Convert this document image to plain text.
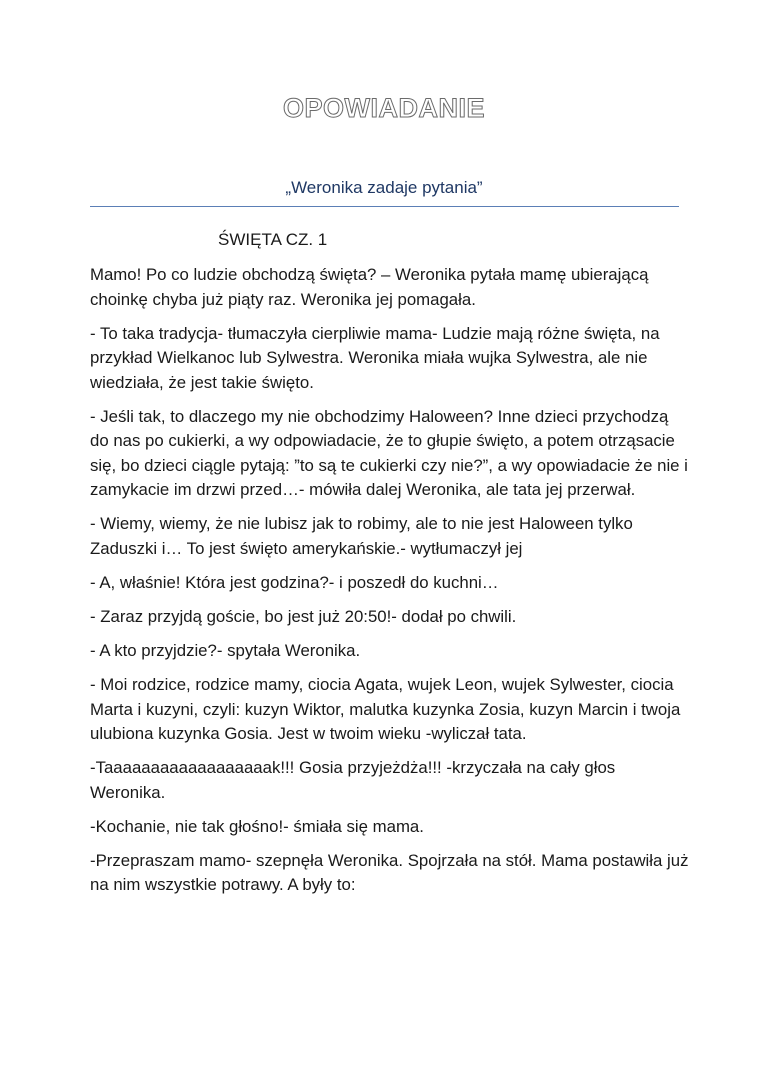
OPOWIADANIE
„Weronika zadaje pytania”
ŚWIĘTA CZ. 1

Mamo! Po co ludzie obchodzą święta? – Weronika pytała mamę ubierającą choinkę chyba już piąty raz. Weronika jej pomagała.

- To taka tradycja- tłumaczyła cierpliwie mama- Ludzie mają różne święta, na przykład Wielkanoc lub Sylwestra. Weronika miała wujka Sylwestra, ale nie wiedziała, że jest takie święto.

- Jeśli tak, to dlaczego my nie obchodzimy Haloween? Inne dzieci przychodzą do nas po cukierki, a wy odpowiadacie, że to głupie święto, a potem otrząsacie się, bo dzieci ciągle pytają: ”to są te cukierki czy nie?”, a wy opowiadacie że nie i zamykacie im drzwi przed…- mówiła dalej Weronika, ale tata jej przerwał.

- Wiemy, wiemy, że nie lubisz jak to robimy, ale to nie jest Haloween tylko Zaduszki i… To jest święto amerykańskie.- wytłumaczył jej

- A, właśnie! Która jest godzina?- i poszedł do kuchni…

- Zaraz przyjdą goście, bo jest już 20:50!- dodał po chwili.

- A kto przyjdzie?- spytała Weronika.

- Moi rodzice, rodzice mamy, ciocia Agata, wujek Leon, wujek Sylwester, ciocia Marta i kuzyni, czyli: kuzyn Wiktor, malutka kuzynka Zosia, kuzyn Marcin i twoja ulubiona kuzynka Gosia. Jest w twoim wieku -wyliczał tata.

-Taaaaaaaaaaaaaaaaaak!!! Gosia przyjeżdża!!! -krzyczała na cały głos Weronika.

-Kochanie, nie tak głośno!- śmiała się mama.

-Przepraszam mamo- szepnęła Weronika. Spojrzała na stół. Mama postawiła już na nim wszystkie potrawy. A były to:
